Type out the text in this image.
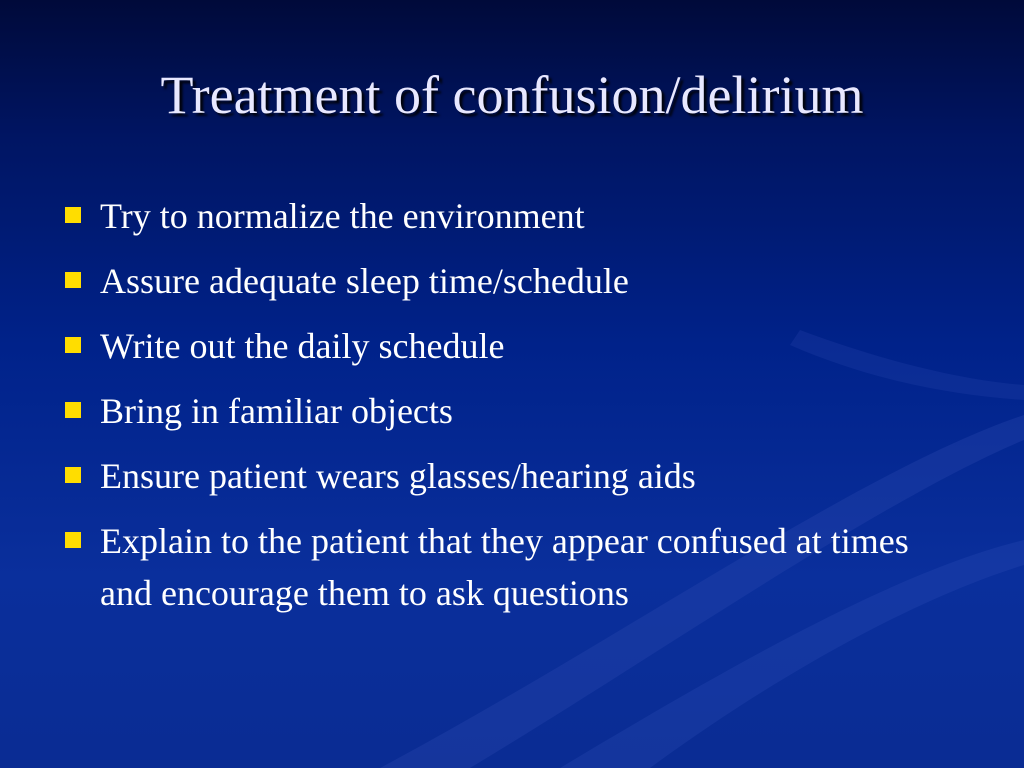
Treatment of confusion/delirium
Try to normalize the environment
Assure adequate sleep time/schedule
Write out the daily schedule
Bring in familiar objects
Ensure patient wears glasses/hearing aids
Explain to the patient that they appear confused at times and encourage them to ask questions
